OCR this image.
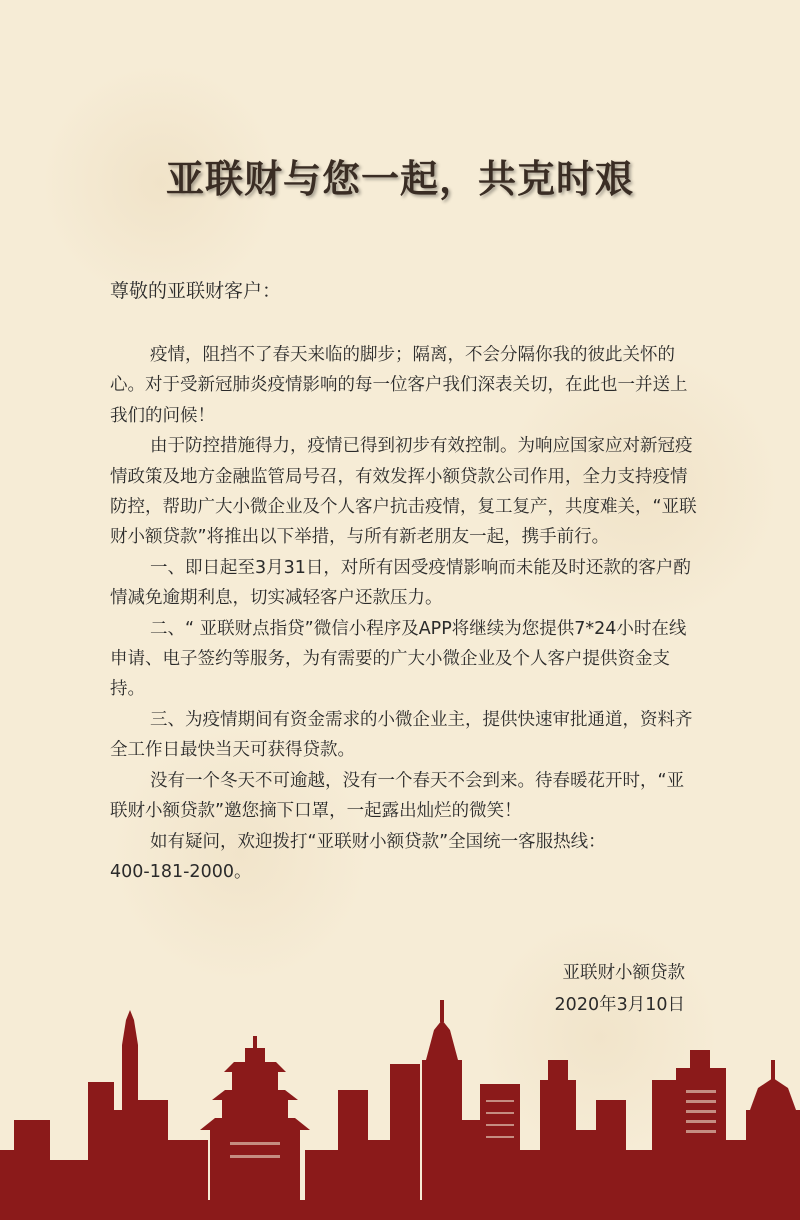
亚联财与您一起，共克时艰
尊敬的亚联财客户：

疫情，阻挡不了春天来临的脚步；隔离，不会分隔你我的彼此关怀的心。对于受新冠肺炎疫情影响的每一位客户我们深表关切，在此也一并送上我们的问候！

由于防控措施得力，疫情已得到初步有效控制。为响应国家应对新冠疫情政策及地方金融监管局号召，有效发挥小额贷款公司作用，全力支持疫情防控，帮助广大小微企业及个人客户抗击疫情，复工复产，共度难关，“亚联财小额贷款”将推出以下举措，与所有新老朋友一起，携手前行。

一、即日起至3月31日，对所有因受疫情影响而未能及时还款的客户酌情减免逾期利息，切实减轻客户还款压力。

二、“ 亚联财点指贷”微信小程序及APP将继续为您提供7*24小时在线申请、电子签约等服务，为有需要的广大小微企业及个人客户提供资金支持。

三、为疫情期间有资金需求的小微企业主，提供快速审批通道，资料齐全工作日最快当天可获得贷款。

没有一个冬天不可逾越，没有一个春天不会到来。待春暖花开时，“亚联财小额贷款”邀您摘下口罩，一起露出灿烂的微笑！

如有疑问，欢迎拨打“亚联财小额贷款”全国统一客服热线：

400-181-2000。

亚联财小额贷款
2020年3月10日
